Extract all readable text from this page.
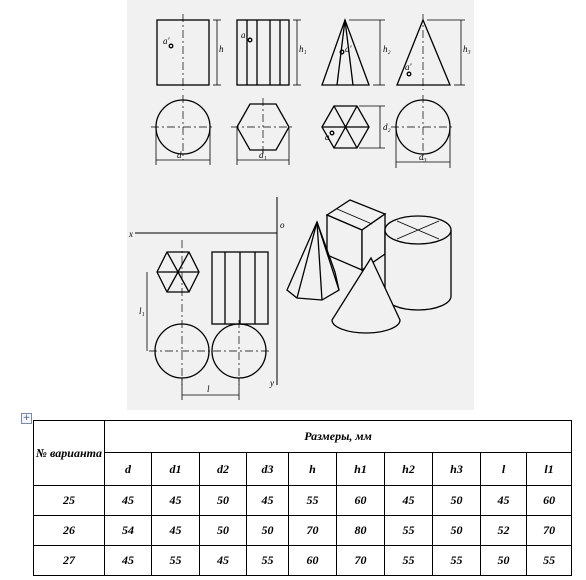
d	d₁
d₂
d₃
h	h₁	h₂	h₃
a'
a'
a'
a'
a
l₁
l
x
o
y
+
№ варианта	Размеры, мм									
	d	d1	d2	d3	h	h1	h2	h3	l	l1
25	45	45	50	45	55	60	45	50	45	60
26	54	45	50	50	70	80	55	50	52	70
27	45	55	45	55	60	70	55	55	50	55
